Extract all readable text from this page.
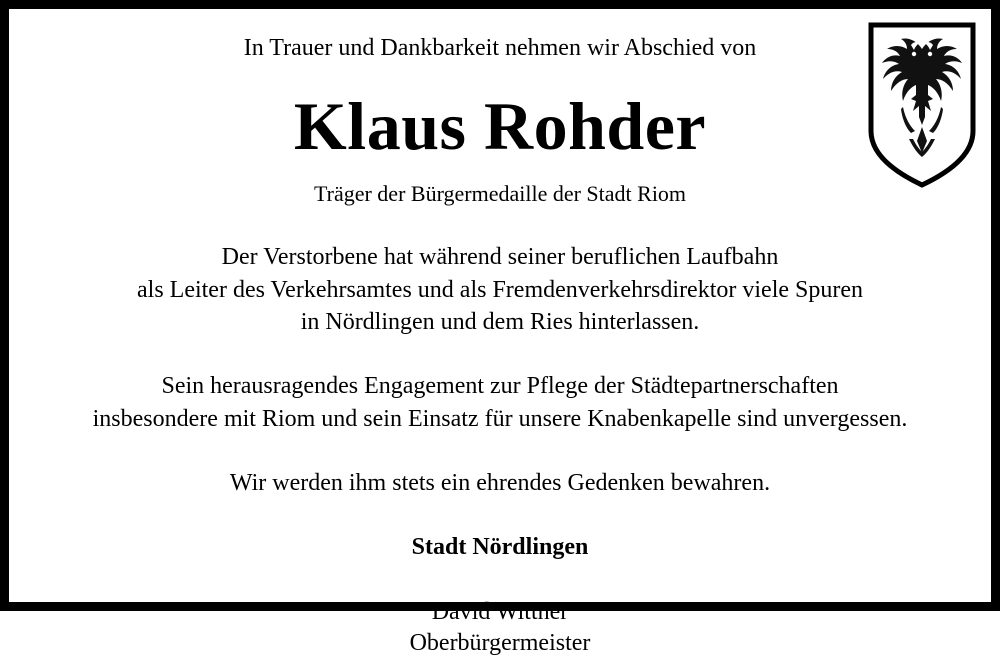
In Trauer und Dankbarkeit nehmen wir Abschied von
Klaus Rohder
Träger der Bürgermedaille der Stadt Riom
Der Verstorbene hat während seiner beruflichen Laufbahn
als Leiter des Verkehrsamtes und als Fremdenverkehrsdirektor viele Spuren
in Nördlingen und dem Ries hinterlassen.
Sein herausragendes Engagement zur Pflege der Städtepartnerschaften
insbesondere mit Riom und sein Einsatz für unsere Knabenkapelle sind unvergessen.
Wir werden ihm stets ein ehrendes Gedenken bewahren.
Stadt Nördlingen
David Wittner
Oberbürgermeister
